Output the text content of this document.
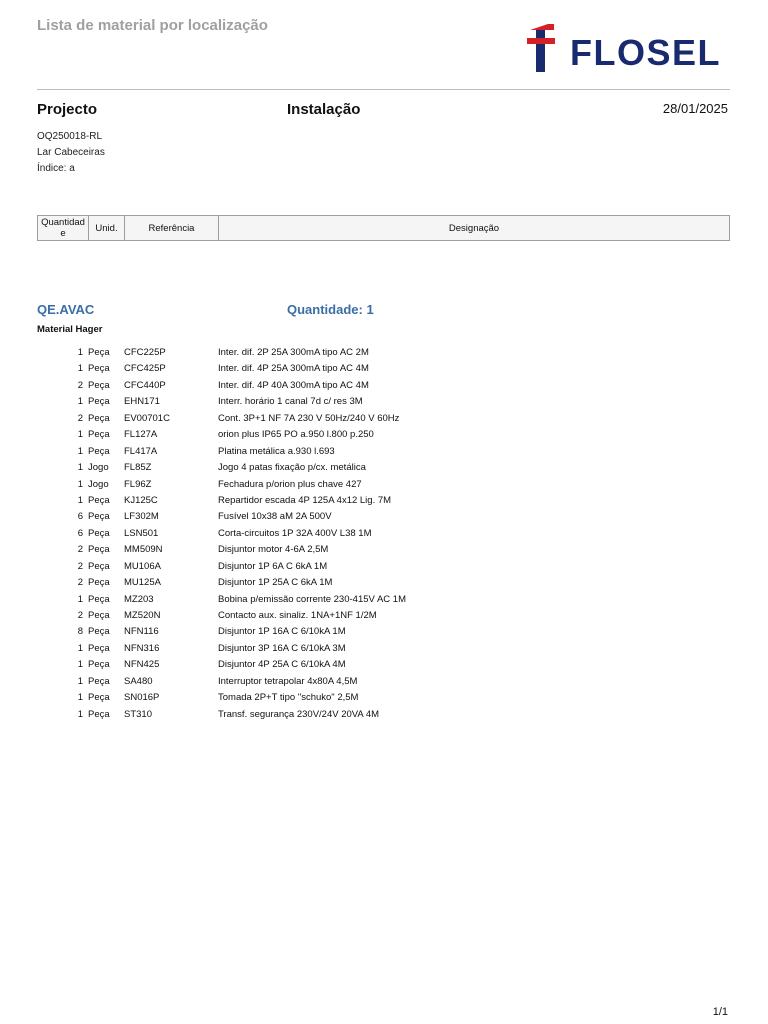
Lista de material por localização
FLOSEL
Projecto	Instalação	28/01/2025
OQ250018-RL
Lar Cabeceiras
Índice: a
Quantidad
e	Unid.	Referência	Designação
QE.AVAC	Quantidade: 1
Material Hager
1 Peça CFC225P	Inter. dif. 2P 25A 300mA tipo AC 2M
1 Peça CFC425P	Inter. dif. 4P 25A 300mA tipo AC 4M
2 Peça CFC440P	Inter. dif. 4P 40A 300mA tipo AC 4M
1 Peça EHN171	Interr. horário 1 canal 7d c/ res 3M
2 Peça EV00701C	Cont. 3P+1 NF 7A 230 V 50Hz/240 V 60Hz
1 Peça FL127A	orion plus IP65 PO a.950 l.800 p.250
1 Peça FL417A	Platina metálica a.930 l.693
1 Jogo FL85Z	Jogo 4 patas fixação p/cx. metálica
1 Jogo FL96Z	Fechadura p/orion plus chave 427
1 Peça KJ125C	Repartidor escada 4P 125A 4x12 Lig. 7M
6 Peça LF302M	Fusível 10x38 aM 2A 500V
6 Peça LSN501	Corta-circuitos 1P 32A 400V L38 1M
2 Peça MM509N	Disjuntor motor 4-6A 2,5M
2 Peça MU106A	Disjuntor 1P 6A C 6kA 1M
2 Peça MU125A	Disjuntor 1P 25A C 6kA 1M
1 Peça MZ203	Bobina p/emissão corrente 230-415V AC 1M
2 Peça MZ520N	Contacto aux. sinaliz. 1NA+1NF 1/2M
8 Peça NFN116	Disjuntor 1P 16A C 6/10kA 1M
1 Peça NFN316	Disjuntor 3P 16A C 6/10kA 3M
1 Peça NFN425	Disjuntor 4P 25A C 6/10kA 4M
1 Peça SA480	Interruptor tetrapolar 4x80A 4,5M
1 Peça SN016P	Tomada 2P+T tipo "schuko" 2,5M
1 Peça ST310	Transf. segurança 230V/24V 20VA 4M
1/1
